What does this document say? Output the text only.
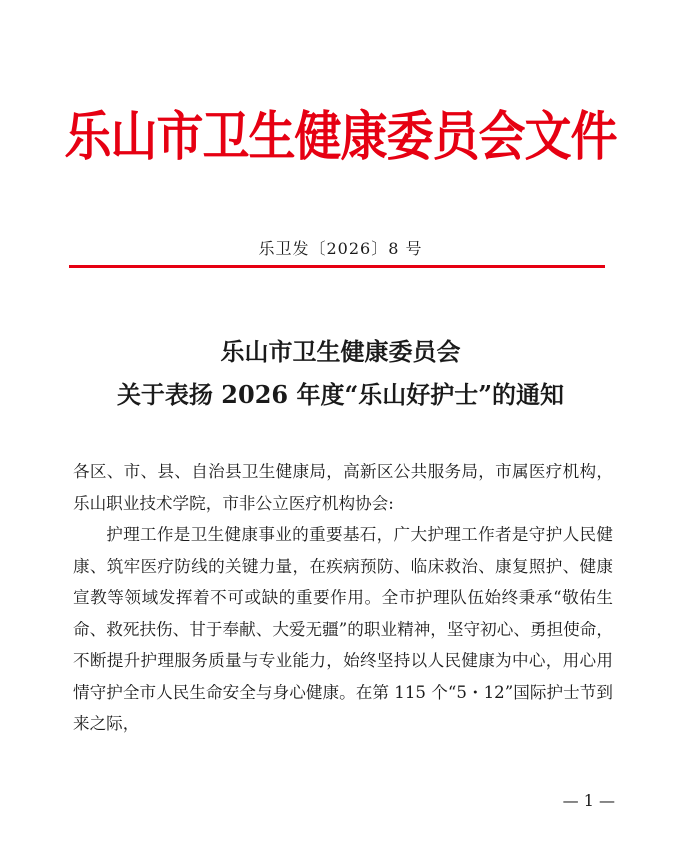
乐山市卫生健康委员会文件
乐卫发〔2026〕8 号
乐山市卫生健康委员会
关于表扬 2026 年度“乐山好护士”的通知

各区、市、县、自治县卫生健康局，高新区公共服务局，市属医疗机构，乐山职业技术学院，市非公立医疗机构协会:

护理工作是卫生健康事业的重要基石，广大护理工作者是守护人民健康、筑牢医疗防线的关键力量，在疾病预防、临床救治、康复照护、健康宣教等领域发挥着不可或缺的重要作用。全市护理队伍始终秉承“敬佑生命、救死扶伤、甘于奉献、大爱无疆”的职业精神，坚守初心、勇担使命，不断提升护理服务质量与专业能力，始终坚持以人民健康为中心，用心用情守护全市人民生命安全与身心健康。在第 115 个“5・12”国际护士节到来之际，

— 1 —
